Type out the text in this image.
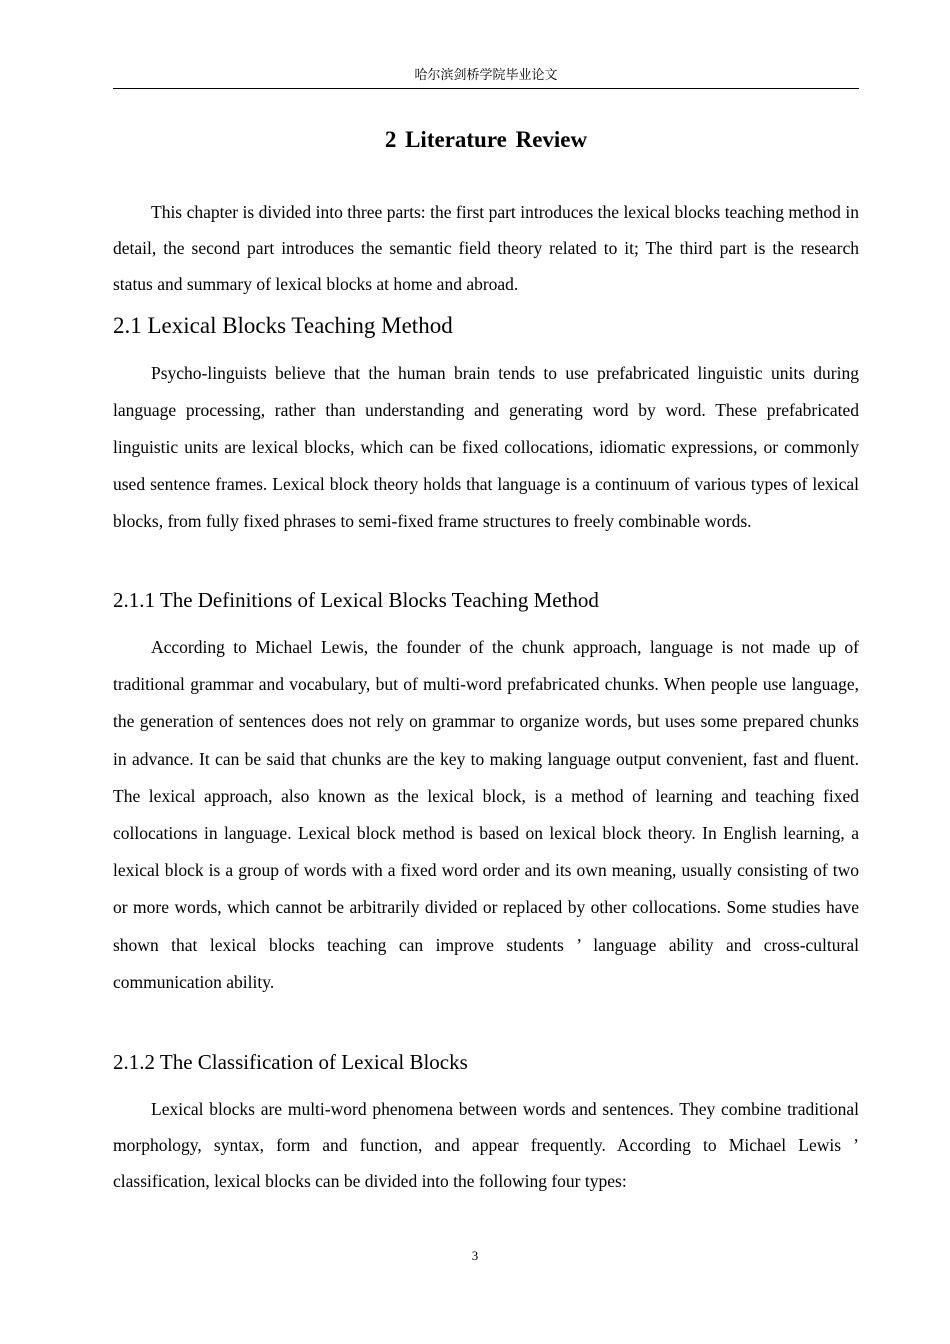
哈尔滨剑桥学院毕业论文
2 Literature Review

This chapter is divided into three parts: the first part introduces the lexical blocks teaching method in detail, the second part introduces the semantic field theory related to it; The third part is the research status and summary of lexical blocks at home and abroad.

2.1 Lexical Blocks Teaching Method

Psycho-linguists believe that the human brain tends to use prefabricated linguistic units during language processing, rather than understanding and generating word by word. These prefabricated linguistic units are lexical blocks, which can be fixed collocations, idiomatic expressions, or commonly used sentence frames. Lexical block theory holds that language is a continuum of various types of lexical blocks, from fully fixed phrases to semi-fixed frame structures to freely combinable words.

2.1.1 The Definitions of Lexical Blocks Teaching Method

According to Michael Lewis, the founder of the chunk approach, language is not made up of traditional grammar and vocabulary, but of multi-word prefabricated chunks. When people use language, the generation of sentences does not rely on grammar to organize words, but uses some prepared chunks in advance. It can be said that chunks are the key to making language output convenient, fast and fluent. The lexical approach, also known as the lexical block, is a method of learning and teaching fixed collocations in language. Lexical block method is based on lexical block theory. In English learning, a lexical block is a group of words with a fixed word order and its own meaning, usually consisting of two or more words, which cannot be arbitrarily divided or replaced by other collocations. Some studies have shown that lexical blocks teaching can improve students ’ language ability and cross-cultural communication ability.

2.1.2 The Classification of Lexical Blocks

Lexical blocks are multi-word phenomena between words and sentences. They combine traditional morphology, syntax, form and function, and appear frequently. According to Michael Lewis ’ classification, lexical blocks can be divided into the following four types:

3
